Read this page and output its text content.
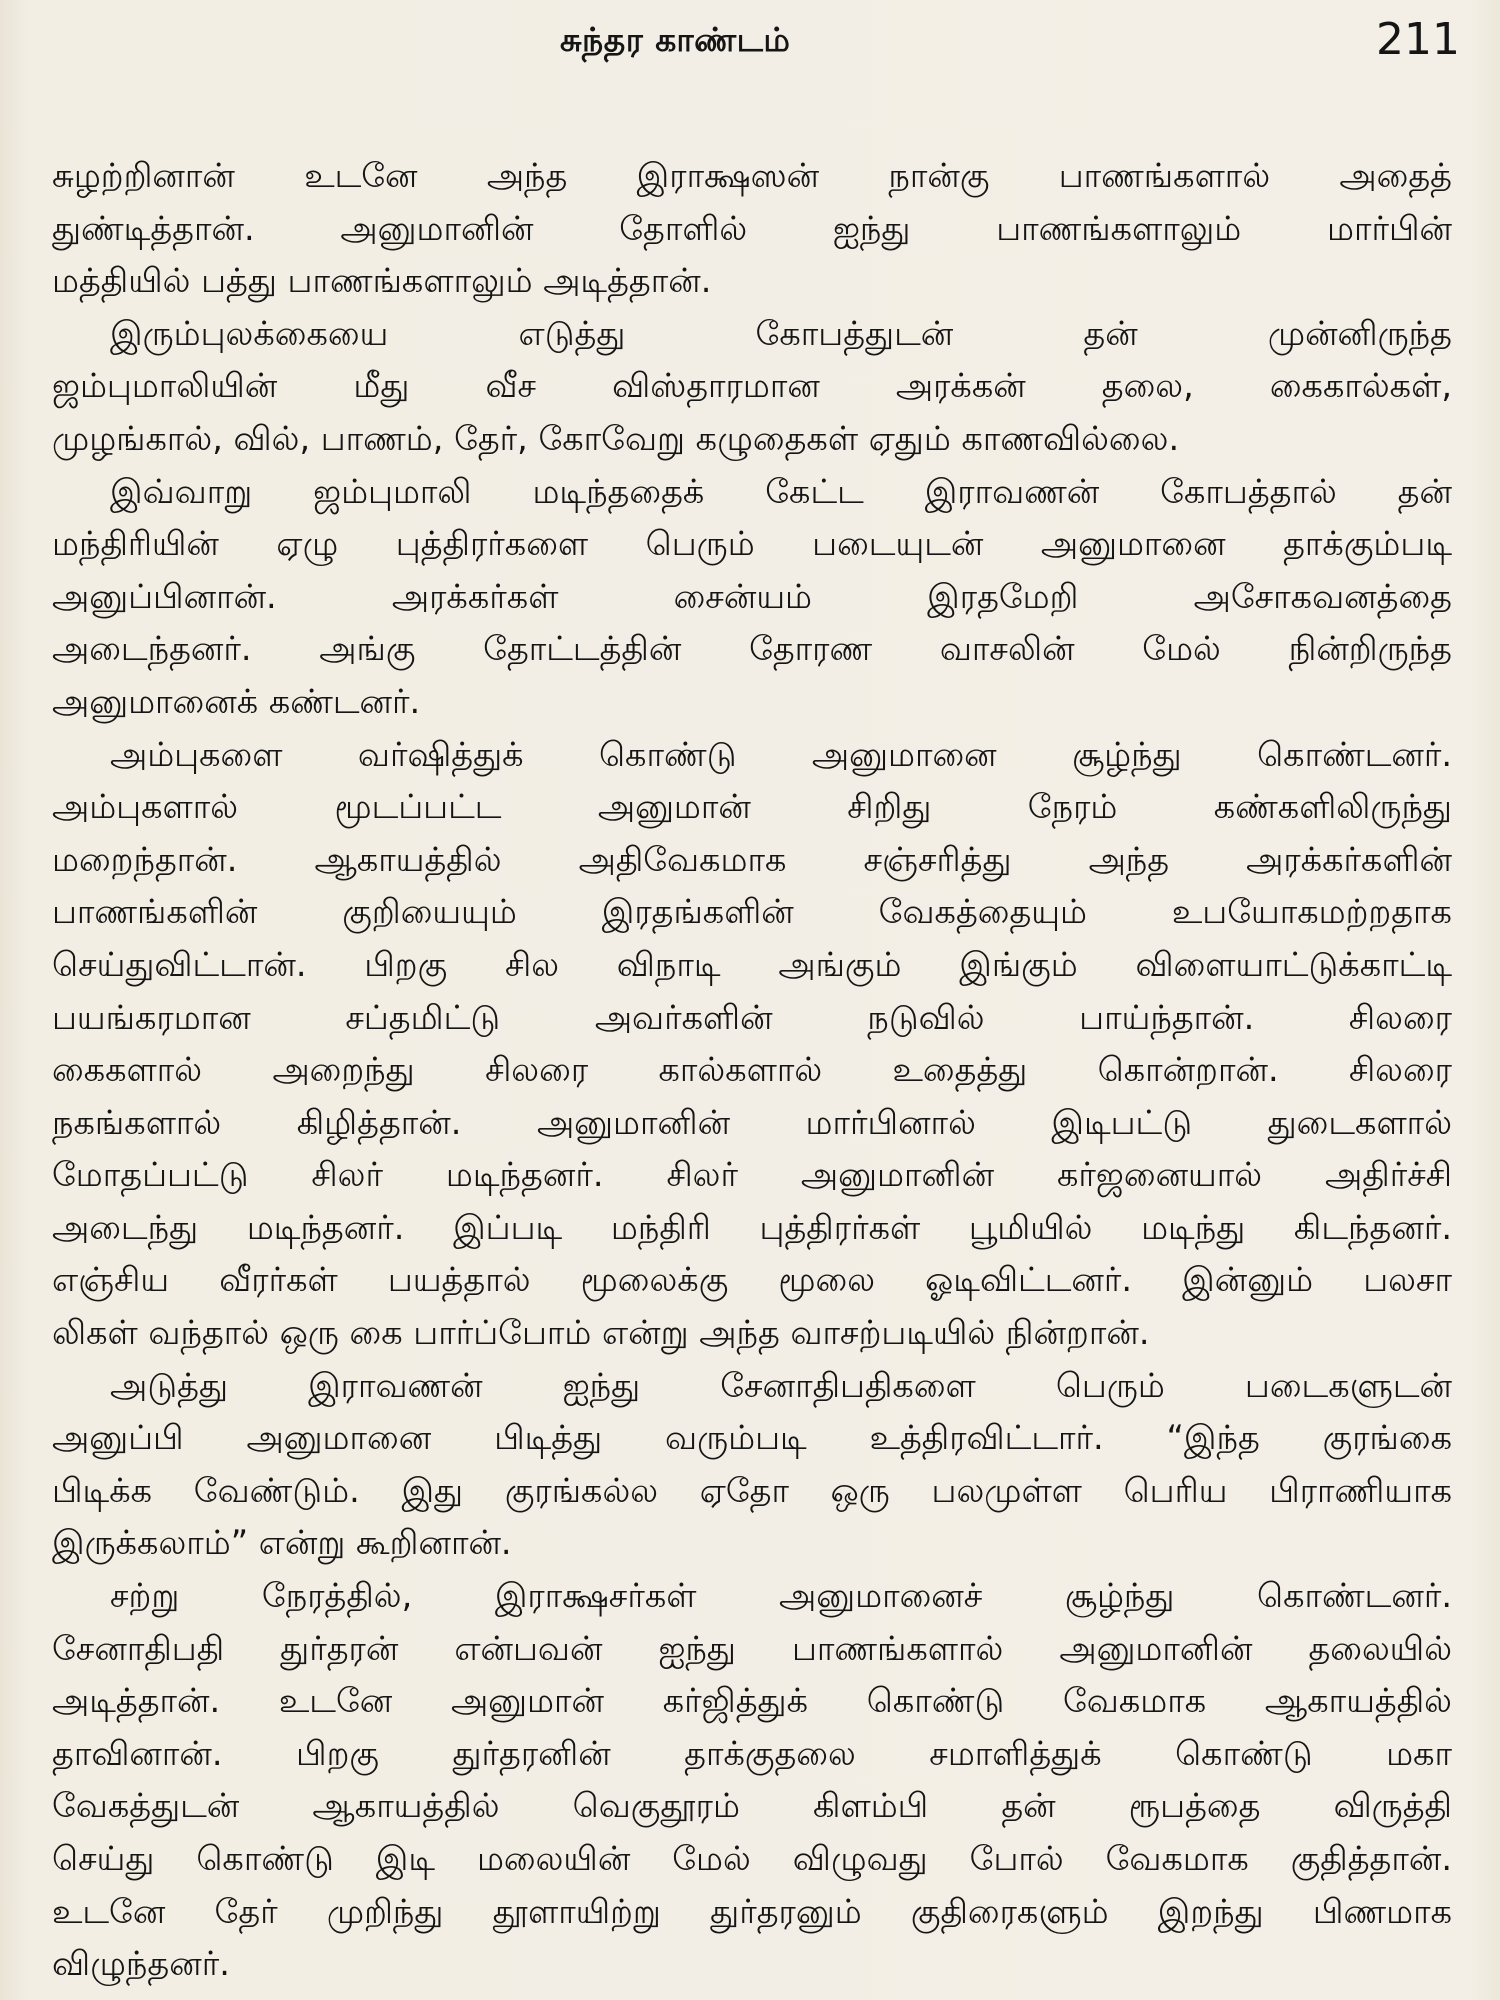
சுந்தர காண்டம்	211

சுழற்றினான் உடனே அந்த இராக்ஷஸன் நான்கு பாணங்களால் அதைத்
துண்டித்தான். அனுமானின் தோளில் ஐந்து பாணங்களாலும் மார்பின்
மத்தியில் பத்து பாணங்களாலும் அடித்தான்.

இரும்புலக்கையை எடுத்து கோபத்துடன் தன் முன்னிருந்த
ஜம்புமாலியின் மீது வீச விஸ்தாரமான அரக்கன் தலை, கைகால்கள்,
முழங்கால், வில், பாணம், தேர், கோவேறு கழுதைகள் ஏதும் காணவில்லை.

இவ்வாறு ஜம்புமாலி மடிந்ததைக் கேட்ட இராவணன் கோபத்தால் தன்
மந்திரியின் ஏழு புத்திரர்களை பெரும் படையுடன் அனுமானை தாக்கும்படி
அனுப்பினான். அரக்கர்கள் சைன்யம் இரதமேறி அசோகவனத்தை
அடைந்தனர். அங்கு தோட்டத்தின் தோரண வாசலின் மேல் நின்றிருந்த
அனுமானைக் கண்டனர்.

அம்புகளை வர்ஷித்துக் கொண்டு அனுமானை சூழ்ந்து கொண்டனர்.
அம்புகளால் மூடப்பட்ட அனுமான் சிறிது நேரம் கண்களிலிருந்து
மறைந்தான். ஆகாயத்தில் அதிவேகமாக சஞ்சரித்து அந்த அரக்கர்களின்
பாணங்களின் குறியையும் இரதங்களின் வேகத்தையும் உபயோகமற்றதாக
செய்துவிட்டான். பிறகு சில விநாடி அங்கும் இங்கும் விளையாட்டுக்காட்டி
பயங்கரமான சப்தமிட்டு அவர்களின் நடுவில் பாய்ந்தான். சிலரை
கைகளால் அறைந்து சிலரை கால்களால் உதைத்து கொன்றான். சிலரை
நகங்களால் கிழித்தான். அனுமானின் மார்பினால் இடிபட்டு துடைகளால்
மோதப்பட்டு சிலர் மடிந்தனர். சிலர் அனுமானின் கர்ஜனையால் அதிர்ச்சி
அடைந்து மடிந்தனர். இப்படி மந்திரி புத்திரர்கள் பூமியில் மடிந்து கிடந்தனர்.
எஞ்சிய வீரர்கள் பயத்தால் மூலைக்கு மூலை ஓடிவிட்டனர். இன்னும் பலசா
லிகள் வந்தால் ஒரு கை பார்ப்போம் என்று அந்த வாசற்படியில் நின்றான்.

அடுத்து இராவணன் ஐந்து சேனாதிபதிகளை பெரும் படைகளுடன்
அனுப்பி அனுமானை பிடித்து வரும்படி உத்திரவிட்டார். “இந்த குரங்கை
பிடிக்க வேண்டும். இது குரங்கல்ல ஏதோ ஒரு பலமுள்ள பெரிய பிராணியாக
இருக்கலாம்” என்று கூறினான்.

சற்று நேரத்தில், இராக்ஷசர்கள் அனுமானைச் சூழ்ந்து கொண்டனர்.
சேனாதிபதி துர்தரன் என்பவன் ஐந்து பாணங்களால் அனுமானின் தலையில்
அடித்தான். உடனே அனுமான் கர்ஜித்துக் கொண்டு வேகமாக ஆகாயத்தில்
தாவினான். பிறகு துர்தரனின் தாக்குதலை சமாளித்துக் கொண்டு மகா
வேகத்துடன் ஆகாயத்தில் வெகுதூரம் கிளம்பி தன் ரூபத்தை விருத்தி
செய்து கொண்டு இடி மலையின் மேல் விழுவது போல் வேகமாக குதித்தான்.
உடனே தேர் முறிந்து தூளாயிற்று துர்தரனும் குதிரைகளும் இறந்து பிணமாக
விழுந்தனர்.
